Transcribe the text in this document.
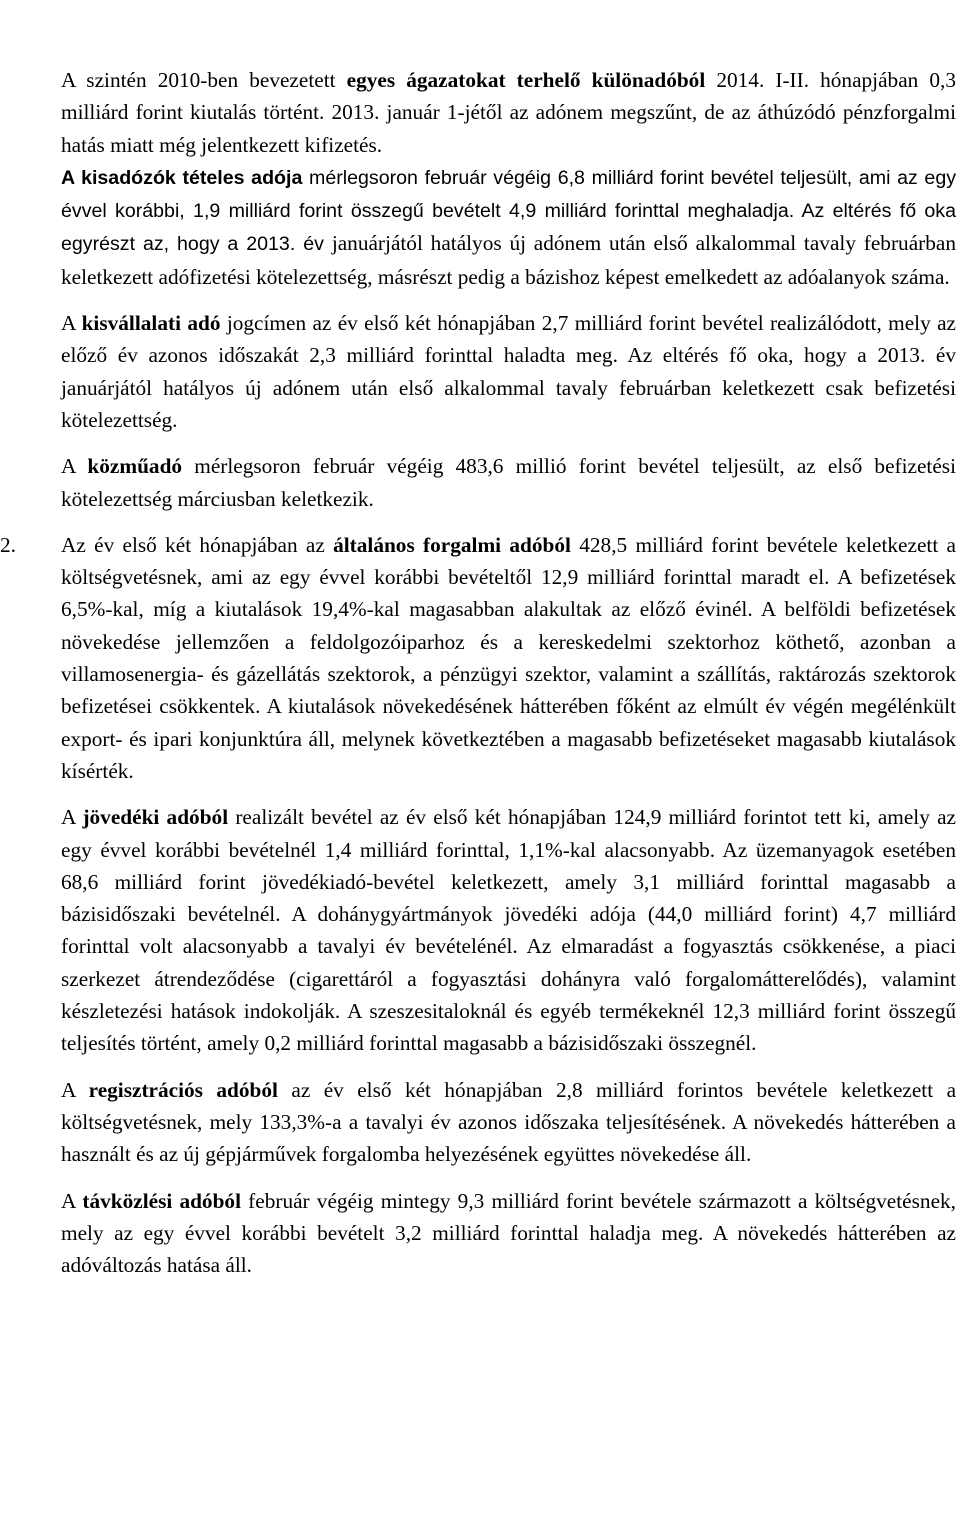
A szintén 2010-ben bevezetett egyes ágazatokat terhelő különadóból 2014. I-II. hónapjában 0,3 milliárd forint kiutalás történt. 2013. január 1-jétől az adónem megszűnt, de az áthúzódó pénzforgalmi hatás miatt még jelentkezett kifizetés.

A kisadózók tételes adója mérlegsoron február végéig 6,8 milliárd forint bevétel teljesült, ami az egy évvel korábbi, 1,9 milliárd forint összegű bevételt 4,9 milliárd forinttal meghaladja. Az eltérés fő oka egyrészt az, hogy a 2013. év januárjától hatályos új adónem után első alkalommal tavaly februárban keletkezett adófizetési kötelezettség, másrészt pedig a bázishoz képest emelkedett az adóalanyok száma.

A kisvállalati adó jogcímen az év első két hónapjában 2,7 milliárd forint bevétel realizálódott, mely az előző év azonos időszakát 2,3 milliárd forinttal haladta meg. Az eltérés fő oka, hogy a 2013. év januárjától hatályos új adónem után első alkalommal tavaly februárban keletkezett csak befizetési kötelezettség.

A közműadó mérlegsoron február végéig 483,6 millió forint bevétel teljesült, az első befizetési kötelezettség márciusban keletkezik.

2. Az év első két hónapjában az általános forgalmi adóból 428,5 milliárd forint bevétele keletkezett a költségvetésnek, ami az egy évvel korábbi bevételtől 12,9 milliárd forinttal maradt el. A befizetések 6,5%-kal, míg a kiutalások 19,4%-kal magasabban alakultak az előző évinél. A belföldi befizetések növekedése jellemzően a feldolgozóiparhoz és a kereskedelmi szektorhoz köthető, azonban a villamosenergia- és gázellátás szektorok, a pénzügyi szektor, valamint a szállítás, raktározás szektorok befizetései csökkentek. A kiutalások növekedésének hátterében főként az elmúlt év végén megélénkült export- és ipari konjunktúra áll, melynek következtében a magasabb befizetéseket magasabb kiutalások kísérték.

A jövedéki adóból realizált bevétel az év első két hónapjában 124,9 milliárd forintot tett ki, amely az egy évvel korábbi bevételnél 1,4 milliárd forinttal, 1,1%-kal alacsonyabb. Az üzemanyagok esetében 68,6 milliárd forint jövedékiadó-bevétel keletkezett, amely 3,1 milliárd forinttal magasabb a bázisidőszaki bevételnél. A dohánygyártmányok jövedéki adója (44,0 milliárd forint) 4,7 milliárd forinttal volt alacsonyabb a tavalyi év bevételénél. Az elmaradást a fogyasztás csökkenése, a piaci szerkezet átrendeződése (cigarettáról a fogyasztási dohányra való forgalomátterelődés), valamint készletezési hatások indokolják. A szeszesitaloknál és egyéb termékeknél 12,3 milliárd forint összegű teljesítés történt, amely 0,2 milliárd forinttal magasabb a bázisidőszaki összegnél.

A regisztrációs adóból az év első két hónapjában 2,8 milliárd forintos bevétele keletkezett a költségvetésnek, mely 133,3%-a a tavalyi év azonos időszaka teljesítésének. A növekedés hátterében a használt és az új gépjárművek forgalomba helyezésének együttes növekedése áll.

A távközlési adóból február végéig mintegy 9,3 milliárd forint bevétele származott a költségvetésnek, mely az egy évvel korábbi bevételt 3,2 milliárd forinttal haladja meg. A növekedés hátterében az adóváltozás hatása áll.
